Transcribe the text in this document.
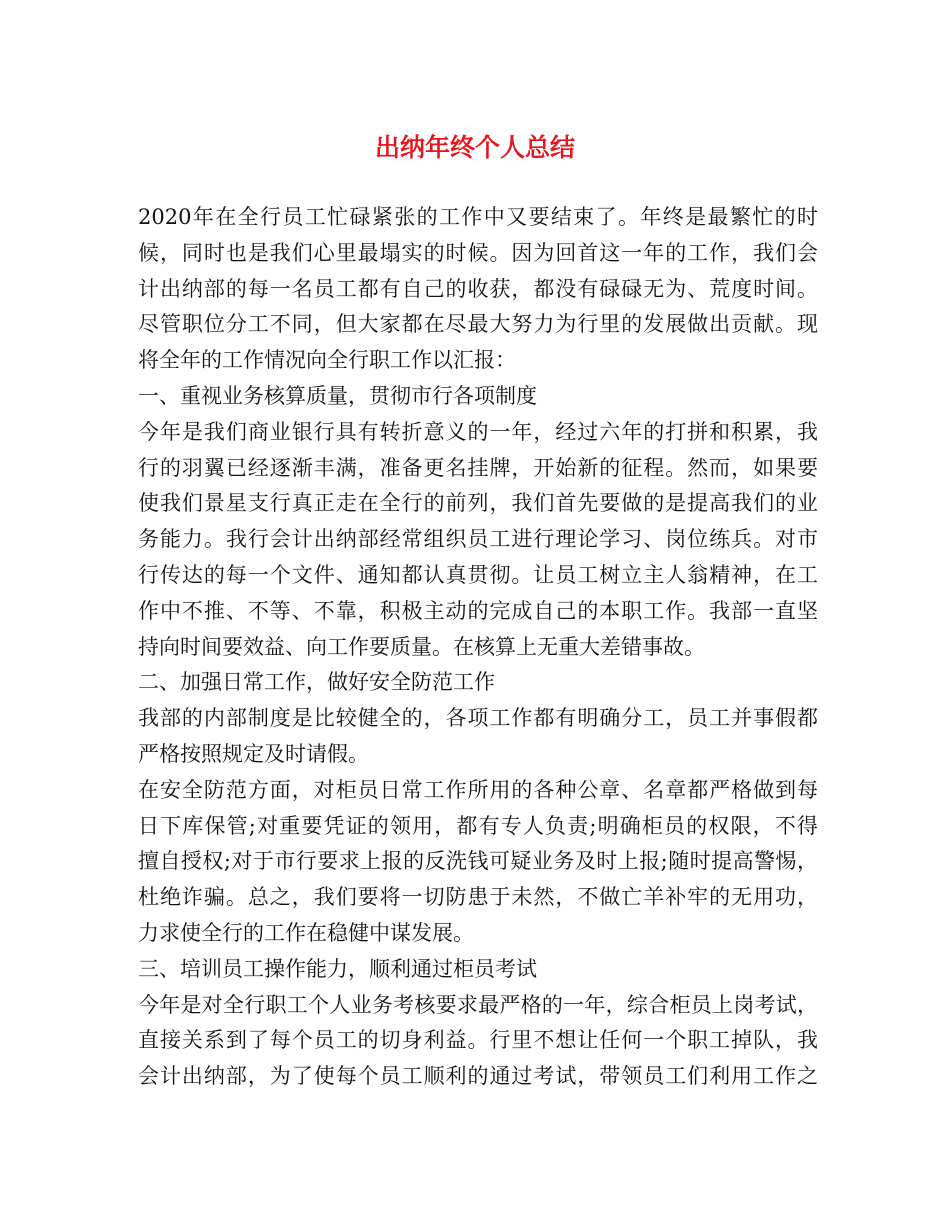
出纳年终个人总结
2020年在全行员工忙碌紧张的工作中又要结束了。年终是最繁忙的时
候，同时也是我们心里最塌实的时候。因为回首这一年的工作，我们会
计出纳部的每一名员工都有自己的收获，都没有碌碌无为、荒度时间。
尽管职位分工不同，但大家都在尽最大努力为行里的发展做出贡献。现
将全年的工作情况向全行职工作以汇报：
一、重视业务核算质量，贯彻市行各项制度
今年是我们商业银行具有转折意义的一年，经过六年的打拼和积累，我
行的羽翼已经逐渐丰满，准备更名挂牌，开始新的征程。然而，如果要
使我们景星支行真正走在全行的前列，我们首先要做的是提高我们的业
务能力。我行会计出纳部经常组织员工进行理论学习、岗位练兵。对市
行传达的每一个文件、通知都认真贯彻。让员工树立主人翁精神，在工
作中不推、不等、不靠，积极主动的完成自己的本职工作。我部一直坚
持向时间要效益、向工作要质量。在核算上无重大差错事故。
二、加强日常工作，做好安全防范工作
我部的内部制度是比较健全的，各项工作都有明确分工，员工并事假都
严格按照规定及时请假。
在安全防范方面，对柜员日常工作所用的各种公章、名章都严格做到每
日下库保管;对重要凭证的领用，都有专人负责;明确柜员的权限，不得
擅自授权;对于市行要求上报的反洗钱可疑业务及时上报;随时提高警惕，
杜绝诈骗。总之，我们要将一切防患于未然，不做亡羊补牢的无用功，
力求使全行的工作在稳健中谋发展。
三、培训员工操作能力，顺利通过柜员考试
今年是对全行职工个人业务考核要求最严格的一年，综合柜员上岗考试，
直接关系到了每个员工的切身利益。行里不想让任何一个职工掉队，我
会计出纳部，为了使每个员工顺利的通过考试，带领员工们利用工作之
